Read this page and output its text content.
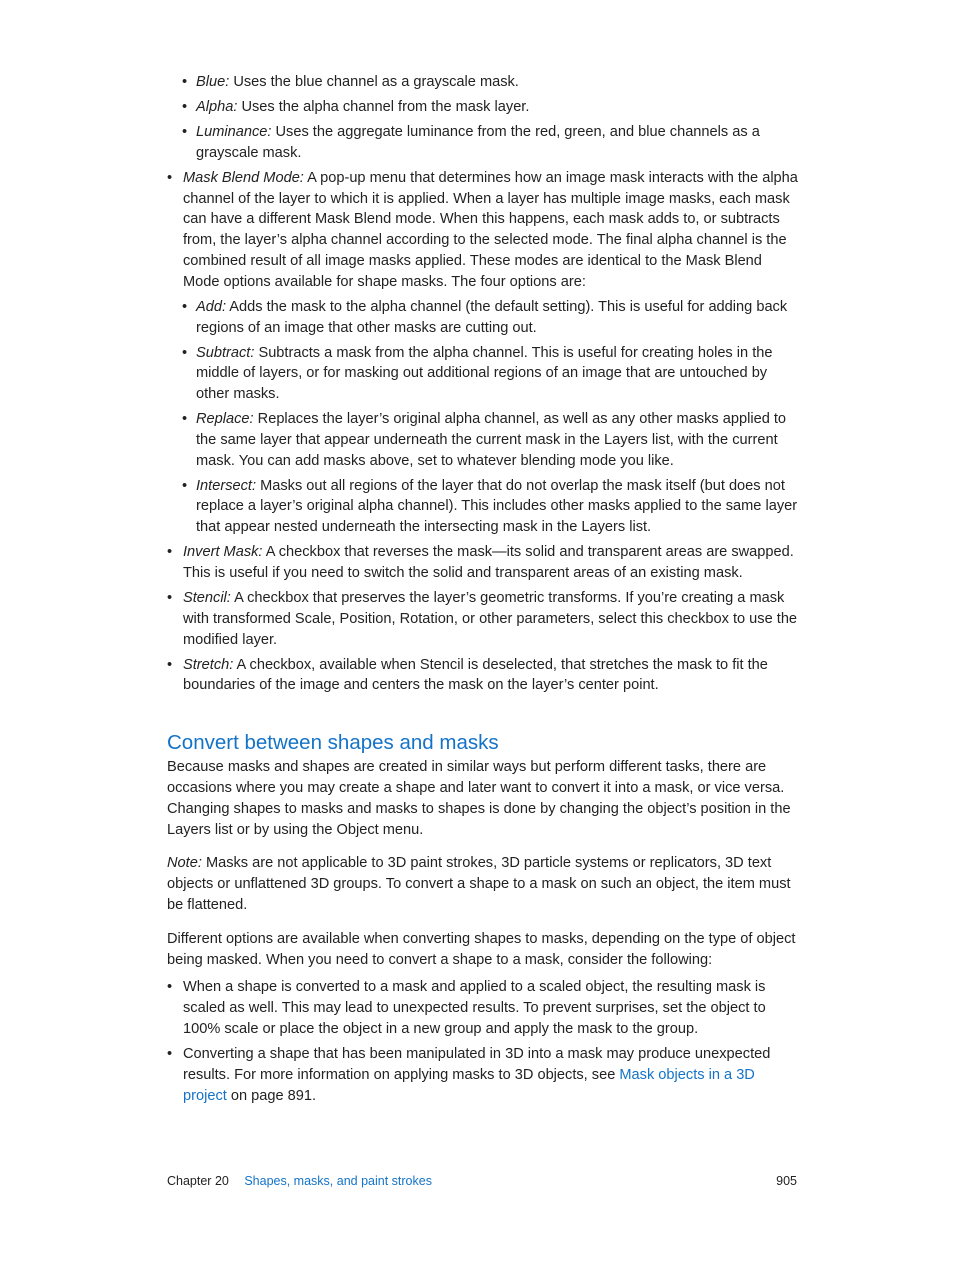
• Blue: Uses the blue channel as a grayscale mask.
• Alpha: Uses the alpha channel from the mask layer.
• Luminance: Uses the aggregate luminance from the red, green, and blue channels as a grayscale mask.
• Mask Blend Mode: A pop-up menu that determines how an image mask interacts with the alpha channel of the layer to which it is applied. When a layer has multiple image masks, each mask can have a different Mask Blend mode. When this happens, each mask adds to, or subtracts from, the layer’s alpha channel according to the selected mode. The final alpha channel is the combined result of all image masks applied. These modes are identical to the Mask Blend Mode options available for shape masks. The four options are:
• Add: Adds the mask to the alpha channel (the default setting). This is useful for adding back regions of an image that other masks are cutting out.
• Subtract: Subtracts a mask from the alpha channel. This is useful for creating holes in the middle of layers, or for masking out additional regions of an image that are untouched by other masks.
• Replace: Replaces the layer’s original alpha channel, as well as any other masks applied to the same layer that appear underneath the current mask in the Layers list, with the current mask. You can add masks above, set to whatever blending mode you like.
• Intersect: Masks out all regions of the layer that do not overlap the mask itself (but does not replace a layer’s original alpha channel). This includes other masks applied to the same layer that appear nested underneath the intersecting mask in the Layers list.
• Invert Mask: A checkbox that reverses the mask—its solid and transparent areas are swapped. This is useful if you need to switch the solid and transparent areas of an existing mask.
• Stencil: A checkbox that preserves the layer’s geometric transforms. If you’re creating a mask with transformed Scale, Position, Rotation, or other parameters, select this checkbox to use the modified layer.
• Stretch: A checkbox, available when Stencil is deselected, that stretches the mask to fit the boundaries of the image and centers the mask on the layer’s center point.
Convert between shapes and masks

Because masks and shapes are created in similar ways but perform different tasks, there are occasions where you may create a shape and later want to convert it into a mask, or vice versa. Changing shapes to masks and masks to shapes is done by changing the object’s position in the Layers list or by using the Object menu.

Note: Masks are not applicable to 3D paint strokes, 3D particle systems or replicators, 3D text objects or unflattened 3D groups. To convert a shape to a mask on such an object, the item must be flattened.

Different options are available when converting shapes to masks, depending on the type of object being masked. When you need to convert a shape to a mask, consider the following:

• When a shape is converted to a mask and applied to a scaled object, the resulting mask is scaled as well. This may lead to unexpected results. To prevent surprises, set the object to 100% scale or place the object in a new group and apply the mask to the group.
• Converting a shape that has been manipulated in 3D into a mask may produce unexpected results. For more information on applying masks to 3D objects, see Mask objects in a 3D project on page 891.
Chapter 20 Shapes, masks, and paint strokes	905
